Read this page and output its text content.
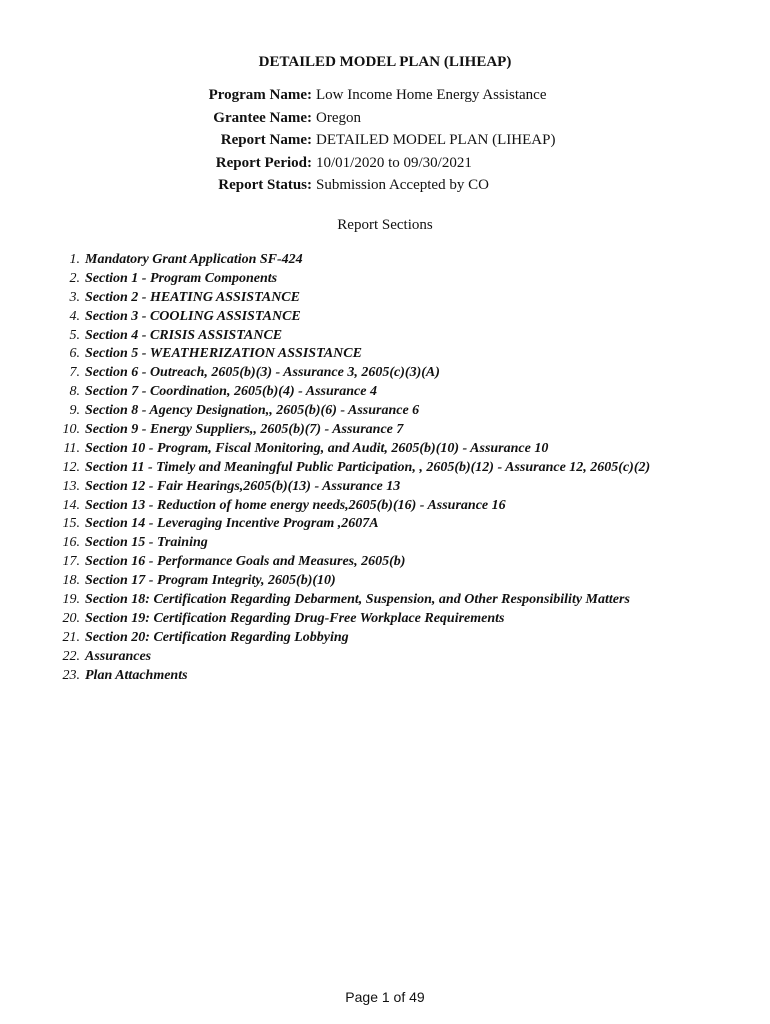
DETAILED MODEL PLAN (LIHEAP)
Program Name: Low Income Home Energy Assistance
Grantee Name: Oregon
Report Name: DETAILED MODEL PLAN (LIHEAP)
Report Period: 10/01/2020 to 09/30/2021
Report Status: Submission Accepted by CO
Report Sections
1. Mandatory Grant Application SF-424
2. Section 1 - Program Components
3. Section 2 - HEATING ASSISTANCE
4. Section 3 - COOLING ASSISTANCE
5. Section 4 - CRISIS ASSISTANCE
6. Section 5 - WEATHERIZATION ASSISTANCE
7. Section 6 - Outreach, 2605(b)(3) - Assurance 3, 2605(c)(3)(A)
8. Section 7 - Coordination, 2605(b)(4) - Assurance 4
9. Section 8 - Agency Designation,, 2605(b)(6) - Assurance 6
10. Section 9 - Energy Suppliers,, 2605(b)(7) - Assurance 7
11. Section 10 - Program, Fiscal Monitoring, and Audit, 2605(b)(10) - Assurance 10
12. Section 11 - Timely and Meaningful Public Participation, , 2605(b)(12) - Assurance 12, 2605(c)(2)
13. Section 12 - Fair Hearings,2605(b)(13) - Assurance 13
14. Section 13 - Reduction of home energy needs,2605(b)(16) - Assurance 16
15. Section 14 - Leveraging Incentive Program ,2607A
16. Section 15 - Training
17. Section 16 - Performance Goals and Measures, 2605(b)
18. Section 17 - Program Integrity, 2605(b)(10)
19. Section 18: Certification Regarding Debarment, Suspension, and Other Responsibility Matters
20. Section 19: Certification Regarding Drug-Free Workplace Requirements
21. Section 20: Certification Regarding Lobbying
22. Assurances
23. Plan Attachments
Page 1 of 49
